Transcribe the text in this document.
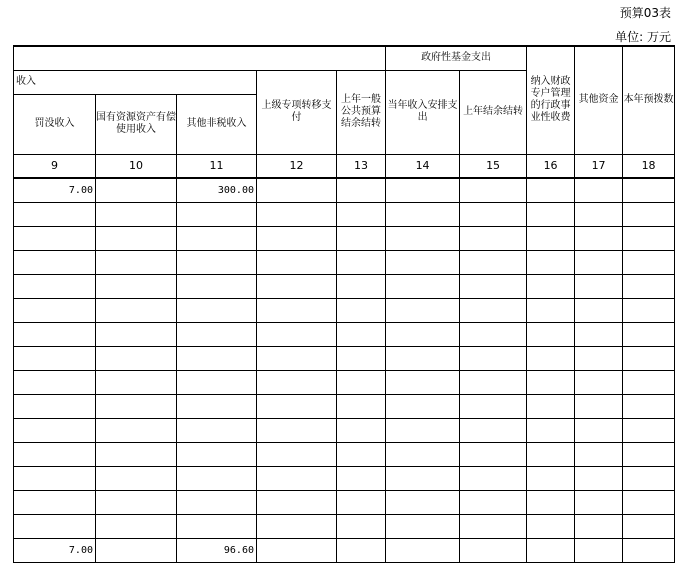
预算03表
单位: 万元
					政府性基金支出		纳入财政专户管理的行政事业性收费	其他资金	本年预拨数
收入			上级专项转移支付	上年一般公共预算结余结转	当年收入安排支出	上年结余结转			
罚没收入	国有资源资产有偿使用收入	其他非税收入							
9	10	11	12	13	14	15	16	17	18
7.00		300.00							

7.00		96.60							
